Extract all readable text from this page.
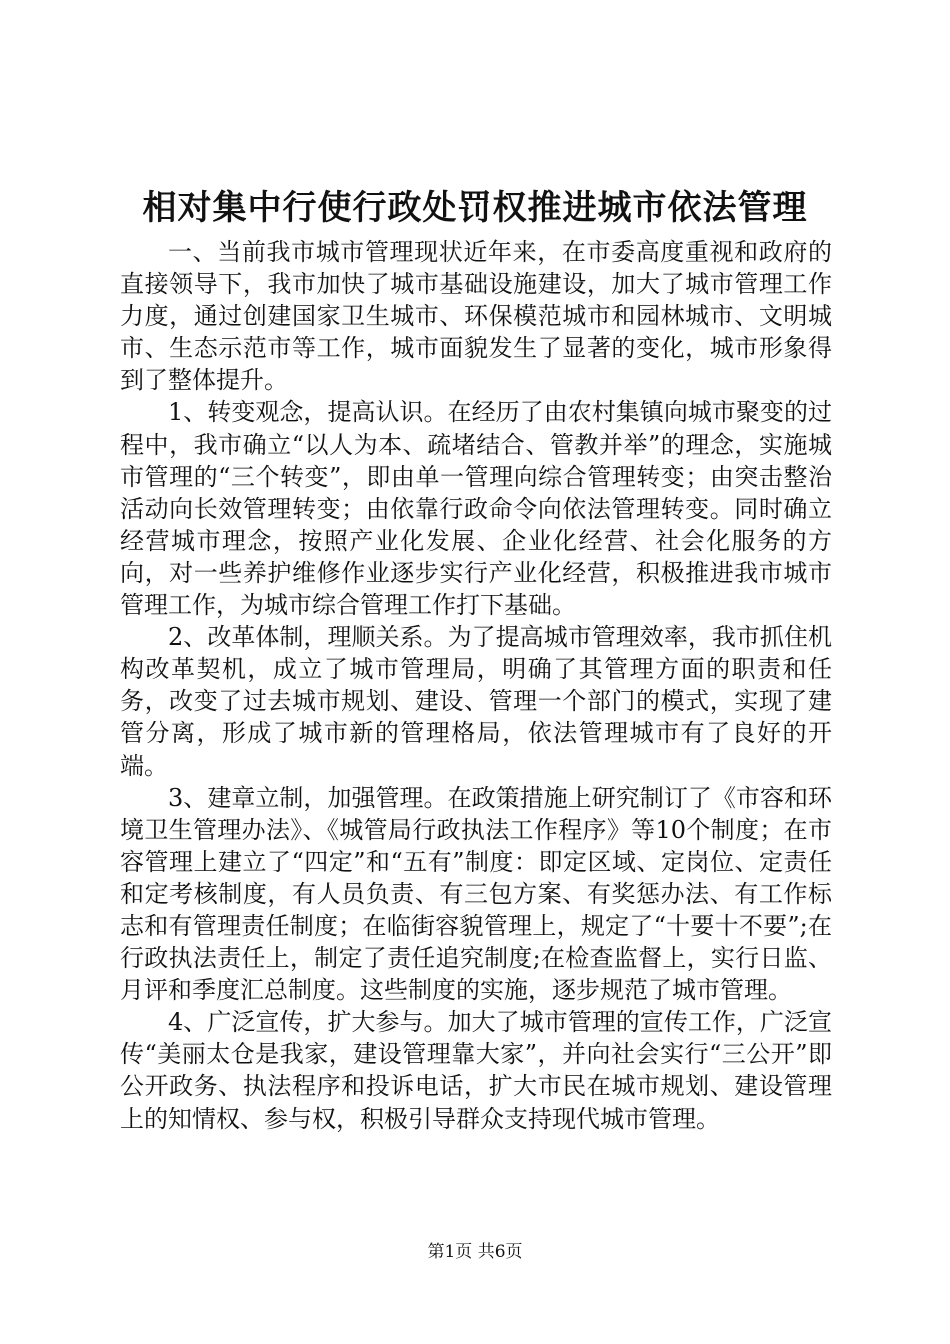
相对集中行使行政处罚权推进城市依法管理

一、当前我市城市管理现状近年来，在市委高度重视和政府的直接领导下，我市加快了城市基础设施建设，加大了城市管理工作力度，通过创建国家卫生城市、环保模范城市和园林城市、文明城市、生态示范市等工作，城市面貌发生了显著的变化，城市形象得到了整体提升。

1、转变观念，提高认识。在经历了由农村集镇向城市聚变的过程中，我市确立“以人为本、疏堵结合、管教并举”的理念，实施城市管理的“三个转变”，即由单一管理向综合管理转变；由突击整治活动向长效管理转变；由依靠行政命令向依法管理转变。同时确立经营城市理念，按照产业化发展、企业化经营、社会化服务的方向，对一些养护维修作业逐步实行产业化经营，积极推进我市城市管理工作，为城市综合管理工作打下基础。

2、改革体制，理顺关系。为了提高城市管理效率，我市抓住机构改革契机，成立了城市管理局，明确了其管理方面的职责和任务，改变了过去城市规划、建设、管理一个部门的模式，实现了建管分离，形成了城市新的管理格局，依法管理城市有了良好的开端。

3、建章立制，加强管理。在政策措施上研究制订了《市容和环境卫生管理办法》、《城管局行政执法工作程序》等10个制度；在市容管理上建立了“四定”和“五有”制度：即定区域、定岗位、定责任和定考核制度，有人员负责、有三包方案、有奖惩办法、有工作标志和有管理责任制度；在临街容貌管理上，规定了“十要十不要”;在行政执法责任上，制定了责任追究制度;在检查监督上，实行日监、月评和季度汇总制度。这些制度的实施，逐步规范了城市管理。

4、广泛宣传，扩大参与。加大了城市管理的宣传工作，广泛宣传“美丽太仓是我家，建设管理靠大家”，并向社会实行“三公开”即公开政务、执法程序和投诉电话，扩大市民在城市规划、建设管理上的知情权、参与权，积极引导群众支持现代城市管理。

第1页 共6页
